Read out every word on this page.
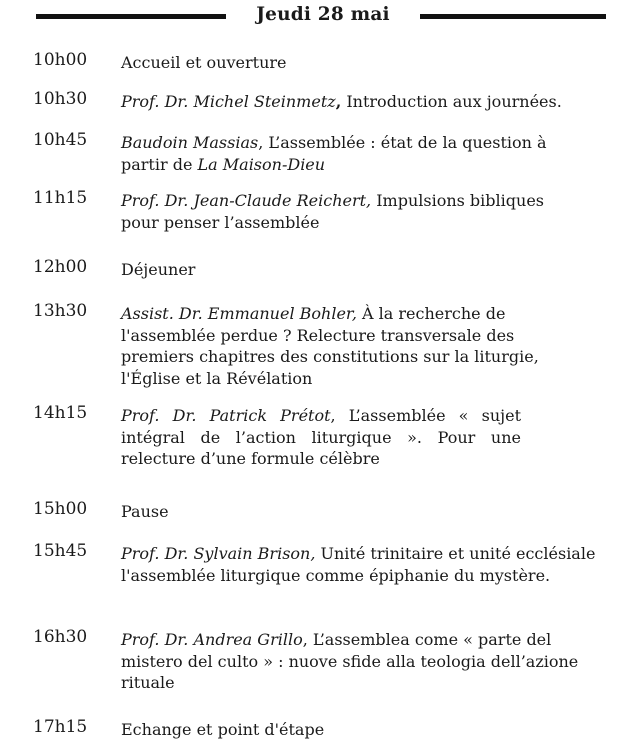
Jeudi 28 mai
10h00 Accueil et ouverture
10h30 Prof. Dr. Michel Steinmetz, Introduction aux journées.
10h45 Baudoin Massias, L’assemblée : état de la question à partir de La Maison-Dieu
11h15 Prof. Dr. Jean-Claude Reichert, Impulsions bibliques pour penser l’assemblée
12h00 Déjeuner
13h30 Assist. Dr. Emmanuel Bohler, À la recherche de l'assemblée perdue ? Relecture transversale des premiers chapitres des constitutions sur la liturgie, l'Église et la Révélation
14h15 Prof. Dr. Patrick Prétot, L’assemblée « sujet intégral de l’action liturgique ». Pour une relecture d’une formule célèbre
15h00 Pause
15h45 Prof. Dr. Sylvain Brison, Unité trinitaire et unité ecclésiale l'assemblée liturgique comme épiphanie du mystère.
16h30 Prof. Dr. Andrea Grillo, L’assemblea come « parte del mistero del culto » : nuove sfide alla teologia dell’azione rituale
17h15 Echange et point d'étape
